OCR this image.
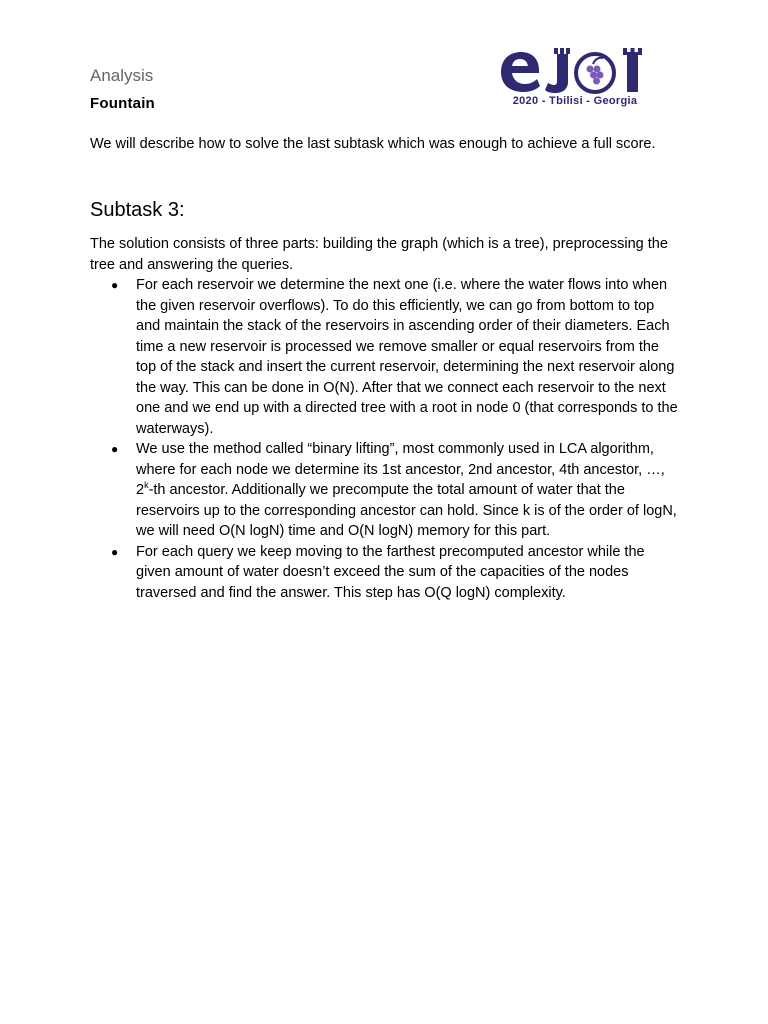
Analysis
Fountain	2020 - Tbilisi - Georgia

We will describe how to solve the last subtask which was enough to achieve a full score.

Subtask 3:

The solution consists of three parts: building the graph (which is a tree), preprocessing the tree and answering the queries.

● For each reservoir we determine the next one (i.e. where the water flows into when the given reservoir overflows). To do this efficiently, we can go from bottom to top and maintain the stack of the reservoirs in ascending order of their diameters. Each time a new reservoir is processed we remove smaller or equal reservoirs from the top of the stack and insert the current reservoir, determining the next reservoir along the way. This can be done in O(N). After that we connect each reservoir to the next one and we end up with a directed tree with a root in node 0 (that corresponds to the waterways).
● We use the method called “binary lifting”, most commonly used in LCA algorithm, where for each node we determine its 1st ancestor, 2nd ancestor, 4th ancestor, …, 2$^k$-th ancestor. Additionally we precompute the total amount of water that the reservoirs up to the corresponding ancestor can hold. Since k is of the order of logN, we will need O(N logN) time and O(N logN) memory for this part.
● For each query we keep moving to the farthest precomputed ancestor while the given amount of water doesn’t exceed the sum of the capacities of the nodes traversed and find the answer. This step has O(Q logN) complexity.
